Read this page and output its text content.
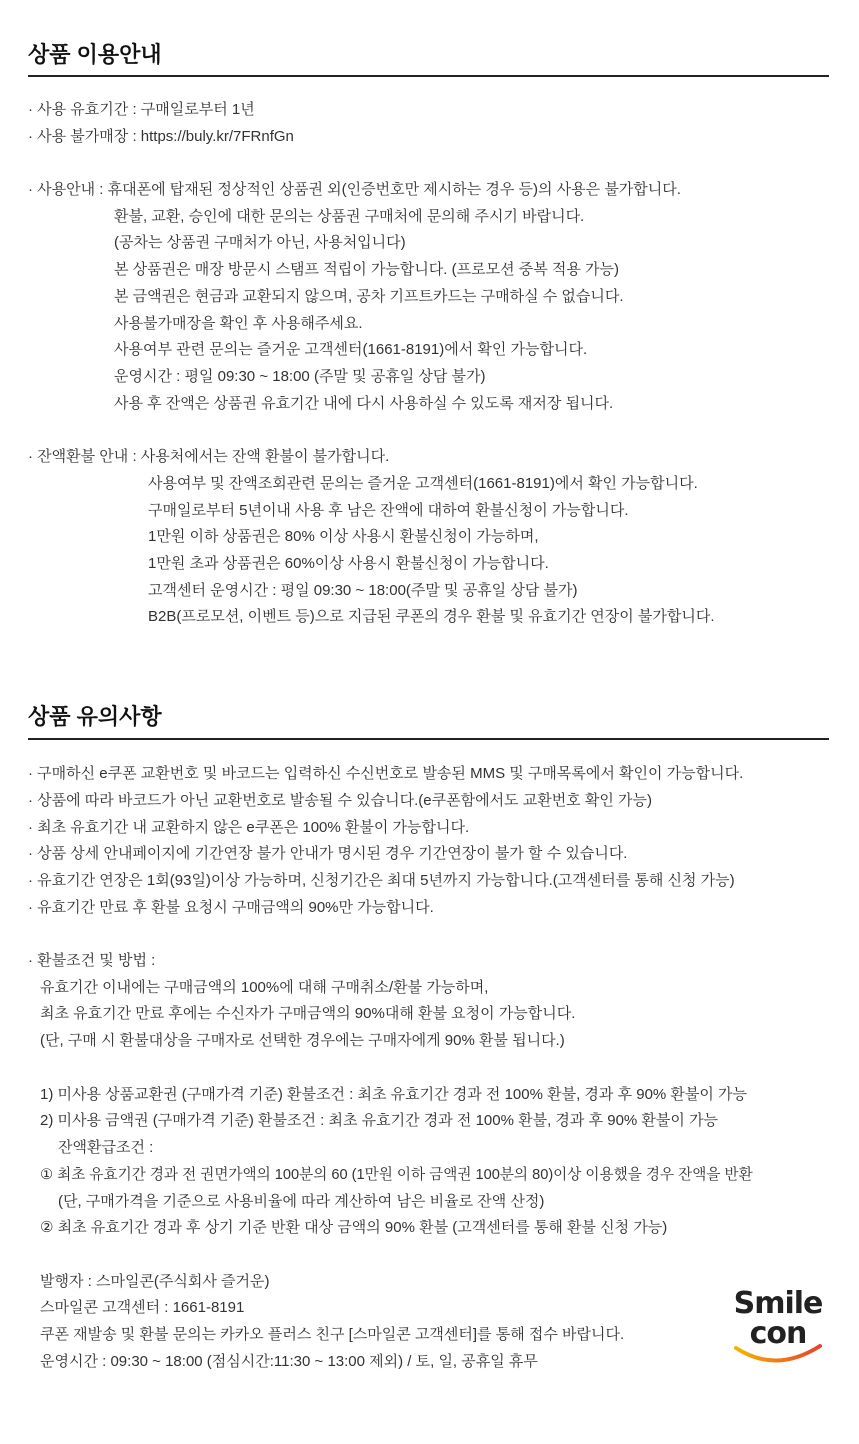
상품 이용안내
· 사용 유효기간 : 구매일로부터 1년
· 사용 불가매장 : https://buly.kr/7FRnfGn
· 사용안내 : 휴대폰에 탑재된 정상적인 상품권 외(인증번호만 제시하는 경우 등)의 사용은 불가합니다.
환불, 교환, 승인에 대한 문의는 상품권 구매처에 문의해 주시기 바랍니다.
(공차는 상품권 구매처가 아닌, 사용처입니다)
본 상품권은 매장 방문시 스탬프 적립이 가능합니다. (프로모션 중복 적용 가능)
본 금액권은 현금과 교환되지 않으며, 공차 기프트카드는 구매하실 수 없습니다.
사용불가매장을 확인 후 사용해주세요.
사용여부 관련 문의는 즐거운 고객센터(1661-8191)에서 확인 가능합니다.
운영시간 : 평일 09:30 ~ 18:00 (주말 및 공휴일 상담 불가)
사용 후 잔액은 상품권 유효기간 내에 다시 사용하실 수 있도록 재저장 됩니다.
· 잔액환불 안내 : 사용처에서는 잔액 환불이 불가합니다.
사용여부 및 잔액조회관련 문의는 즐거운 고객센터(1661-8191)에서 확인 가능합니다.
구매일로부터 5년이내 사용 후 남은 잔액에 대하여 환불신청이 가능합니다.
1만원 이하 상품권은 80% 이상 사용시 환불신청이 가능하며,
1만원 초과 상품권은 60%이상 사용시 환불신청이 가능합니다.
고객센터 운영시간 : 평일 09:30 ~ 18:00(주말 및 공휴일 상담 불가)
B2B(프로모션, 이벤트 등)으로 지급된 쿠폰의 경우 환불 및 유효기간 연장이 불가합니다.
상품 유의사항
· 구매하신 e쿠폰 교환번호 및 바코드는 입력하신 수신번호로 발송된 MMS 및 구매목록에서 확인이 가능합니다.
· 상품에 따라 바코드가 아닌 교환번호로 발송될 수 있습니다.(e쿠폰함에서도 교환번호 확인 가능)
· 최초 유효기간 내 교환하지 않은 e쿠폰은 100% 환불이 가능합니다.
· 상품 상세 안내페이지에 기간연장 불가 안내가 명시된 경우 기간연장이 불가 할 수 있습니다.
· 유효기간 연장은 1회(93일)이상 가능하며, 신청기간은 최대 5년까지 가능합니다.(고객센터를 통해 신청 가능)
· 유효기간 만료 후 환불 요청시 구매금액의 90%만 가능합니다.
· 환불조건 및 방법 :
유효기간 이내에는 구매금액의 100%에 대해 구매취소/환불 가능하며,
최초 유효기간 만료 후에는 수신자가 구매금액의 90%대해 환불 요청이 가능합니다.
(단, 구매 시 환불대상을 구매자로 선택한 경우에는 구매자에게 90% 환불 됩니다.)
1) 미사용 상품교환권 (구매가격 기준) 환불조건 : 최초 유효기간 경과 전 100% 환불, 경과 후 90% 환불이 가능
2) 미사용 금액권 (구매가격 기준) 환불조건 : 최초 유효기간 경과 전 100% 환불, 경과 후 90% 환불이 가능
잔액환급조건 :
① 최초 유효기간 경과 전 권면가액의 100분의 60 (1만원 이하 금액권 100분의 80)이상 이용했을 경우 잔액을 반환
(단, 구매가격을 기준으로 사용비율에 따라 계산하여 남은 비율로 잔액 산정)
② 최초 유효기간 경과 후 상기 기준 반환 대상 금액의 90% 환불 (고객센터를 통해 환불 신청 가능)
발행자 : 스마일콘(주식회사 즐거운)
스마일콘 고객센터 : 1661-8191
쿠폰 재발송 및 환불 문의는 카카오 플러스 친구 [스마일콘 고객센터]를 통해 접수 바랍니다.
운영시간 : 09:30 ~ 18:00 (점심시간:11:30 ~ 13:00 제외) / 토, 일, 공휴일 휴무
Smile
con
